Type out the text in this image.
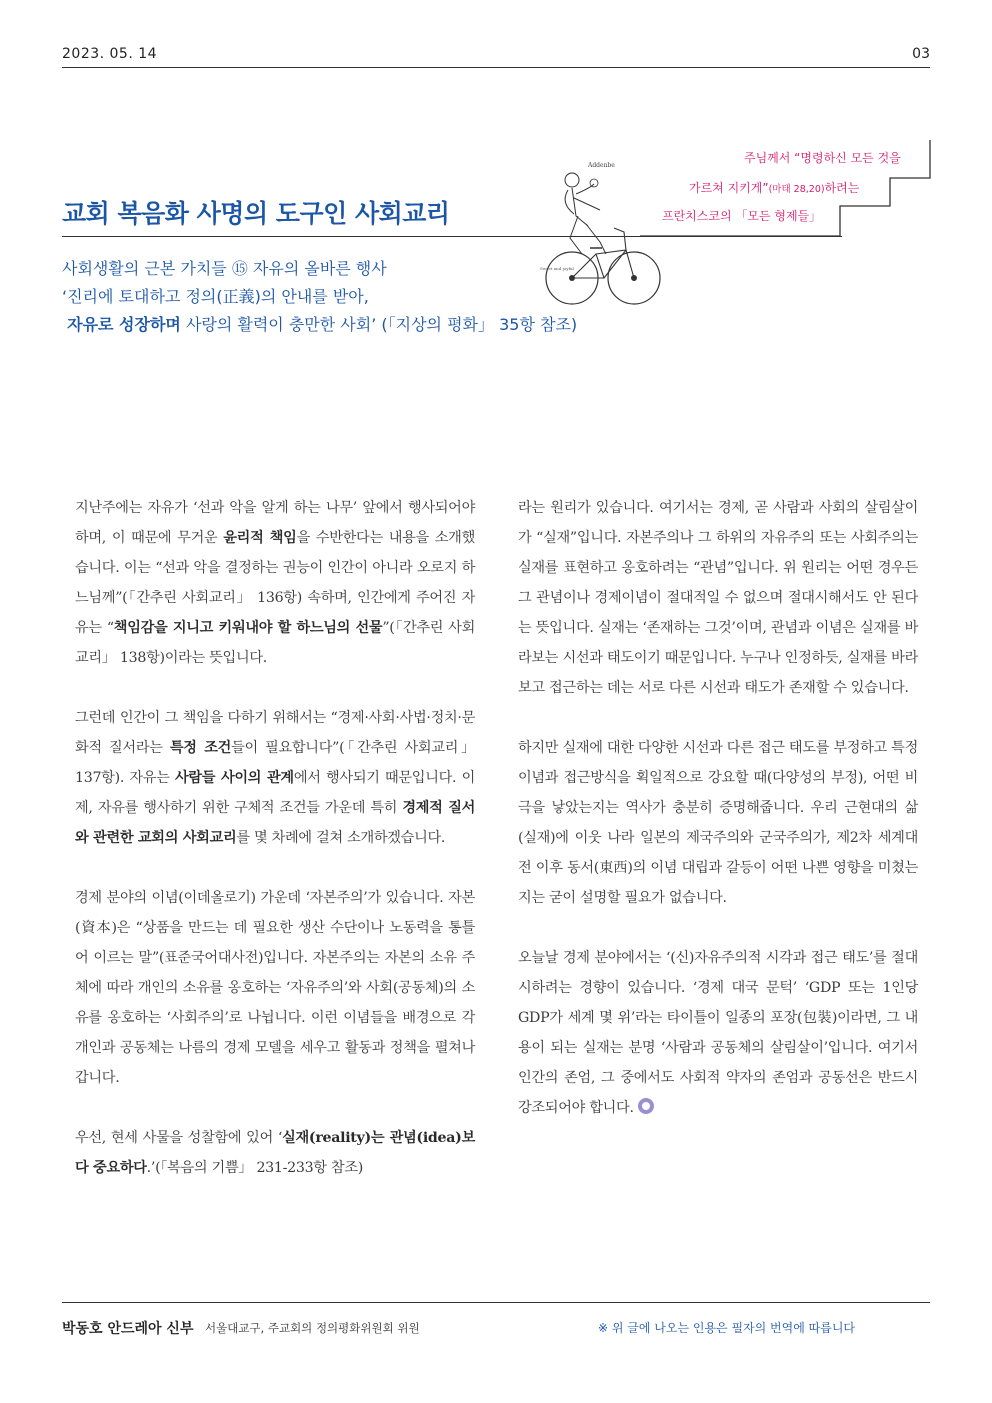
2023. 05. 14	03
주님께서 “명령하신 모든 것을
가르쳐 지키게”(마태 28,20)하려는
프란치스코의 「모든 형제들」
Addenbe
Sweet and joyful
교회 복음화 사명의 도구인 사회교리
사회생활의 근본 가치들 ⑮ 자유의 올바른 행사
‘진리에 토대하고 정의(正義)의 안내를 받아,
자유로 성장하며 사랑의 활력이 충만한 사회’ (「지상의 평화」 35항 참조)

지난주에는 자유가 ‘선과 악을 알게 하는 나무’ 앞에서 행사되어야 하며, 이 때문에 무거운 윤리적 책임을 수반한다는 내용을 소개했습니다. 이는 “선과 악을 결정하는 권능이 인간이 아니라 오로지 하느님께”(「간추린 사회교리」 136항) 속하며, 인간에게 주어진 자유는 “책임감을 지니고 키워내야 할 하느님의 선물”(「간추린 사회교리」 138항)이라는 뜻입니다.

그런데 인간이 그 책임을 다하기 위해서는 “경제·사회·사법·정치·문화적 질서라는 특정 조건들이 필요합니다”(「간추린 사회교리」 137항). 자유는 사람들 사이의 관계에서 행사되기 때문입니다. 이제, 자유를 행사하기 위한 구체적 조건들 가운데 특히 경제적 질서와 관련한 교회의 사회교리를 몇 차례에 걸쳐 소개하겠습니다.

경제 분야의 이념(이데올로기) 가운데 ‘자본주의’가 있습니다. 자본(資本)은 “상품을 만드는 데 필요한 생산 수단이나 노동력을 통틀어 이르는 말”(표준국어대사전)입니다. 자본주의는 자본의 소유 주체에 따라 개인의 소유를 옹호하는 ‘자유주의’와 사회(공동체)의 소유를 옹호하는 ‘사회주의’로 나뉩니다. 이런 이념들을 배경으로 각 개인과 공동체는 나름의 경제 모델을 세우고 활동과 정책을 펼쳐나갑니다.

우선, 현세 사물을 성찰함에 있어 ‘실재(reality)는 관념(idea)보다 중요하다.’(「복음의 기쁨」 231-233항 참조)

라는 원리가 있습니다. 여기서는 경제, 곧 사람과 사회의 살림살이가 “실재”입니다. 자본주의나 그 하위의 자유주의 또는 사회주의는 실재를 표현하고 옹호하려는 “관념”입니다. 위 원리는 어떤 경우든 그 관념이나 경제이념이 절대적일 수 없으며 절대시해서도 안 된다는 뜻입니다. 실재는 ‘존재하는 그것’이며, 관념과 이념은 실재를 바라보는 시선과 태도이기 때문입니다. 누구나 인정하듯, 실재를 바라보고 접근하는 데는 서로 다른 시선과 태도가 존재할 수 있습니다.

하지만 실재에 대한 다양한 시선과 다른 접근 태도를 부정하고 특정 이념과 접근방식을 획일적으로 강요할 때(다양성의 부정), 어떤 비극을 낳았는지는 역사가 충분히 증명해줍니다. 우리 근현대의 삶(실재)에 이웃 나라 일본의 제국주의와 군국주의가, 제2차 세계대전 이후 동서(東西)의 이념 대립과 갈등이 어떤 나쁜 영향을 미쳤는지는 굳이 설명할 필요가 없습니다.

오늘날 경제 분야에서는 ‘(신)자유주의적 시각과 접근 태도’를 절대시하려는 경향이 있습니다. ‘경제 대국 문턱’ ‘GDP 또는 1인당 GDP가 세계 몇 위’라는 타이틀이 일종의 포장(包裝)이라면, 그 내용이 되는 실재는 분명 ‘사람과 공동체의 살림살이’입니다. 여기서 인간의 존엄, 그 중에서도 사회적 약자의 존엄과 공동선은 반드시 강조되어야 합니다.

박동호 안드레아 신부 서울대교구, 주교회의 정의평화위원회 위원	※ 위 글에 나오는 인용은 필자의 번역에 따릅니다
